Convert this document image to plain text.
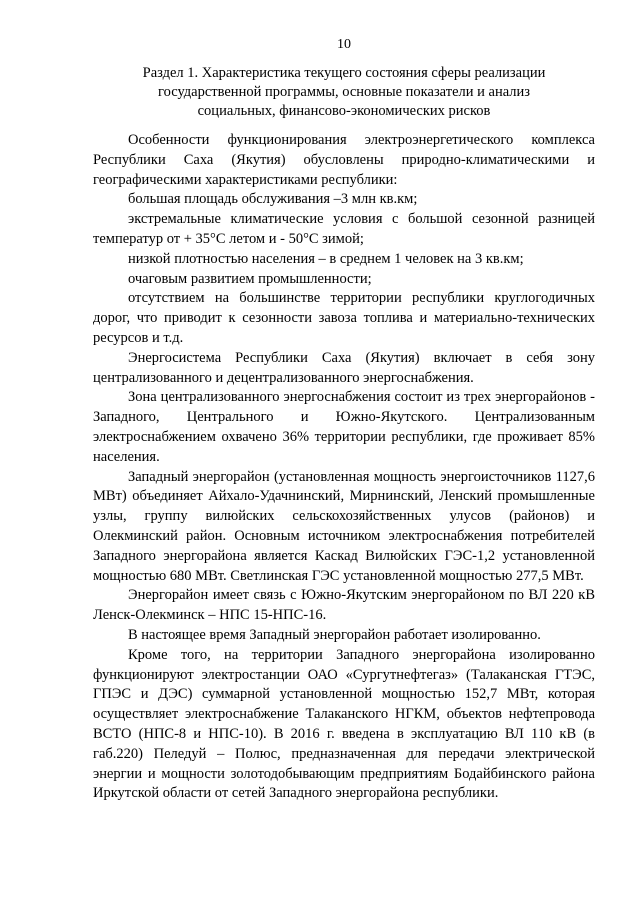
10
Раздел 1. Характеристика текущего состояния сферы реализации
государственной программы, основные показатели и анализ
социальных, финансово-экономических рисков

Особенности функционирования электроэнергетического комплекса Республики Саха (Якутия) обусловлены природно-климатическими и географическими характеристиками республики:

большая площадь обслуживания –3 млн кв.км;

экстремальные климатические условия с большой сезонной разницей температур от + 35°С летом и - 50°С зимой;

низкой плотностью населения – в среднем 1 человек на 3 кв.км;

очаговым развитием промышленности;

отсутствием на большинстве территории республики круглогодичных дорог, что приводит к сезонности завоза топлива и материально-технических ресурсов и т.д.

Энергосистема Республики Саха (Якутия) включает в себя зону централизованного и децентрализованного энергоснабжения.

Зона централизованного энергоснабжения состоит из трех энергорайонов - Западного, Центрального и Южно-Якутского. Централизованным электроснабжением охвачено 36% территории республики, где проживает 85% населения.

Западный энергорайон (установленная мощность энергоисточников 1127,6 МВт) объединяет Айхало-Удачнинский, Мирнинский, Ленский промышленные узлы, группу вилюйских сельскохозяйственных улусов (районов) и Олекминский район. Основным источником электроснабжения потребителей Западного энергорайона является Каскад Вилюйских ГЭС-1,2 установленной мощностью 680 МВт. Светлинская ГЭС установленной мощностью 277,5 МВт.

Энергорайон имеет связь с Южно-Якутским энергорайоном по ВЛ 220 кВ Ленск-Олекминск – НПС 15-НПС-16.

В настоящее время Западный энергорайон работает изолированно.

Кроме того, на территории Западного энергорайона изолированно функционируют электростанции ОАО «Сургутнефтегаз» (Талаканская ГТЭС, ГПЭС и ДЭС) суммарной установленной мощностью 152,7 МВт, которая осуществляет электроснабжение Талаканского НГКМ, объектов нефтепровода ВСТО (НПС-8 и НПС-10). В 2016 г. введена в эксплуатацию ВЛ 110 кВ (в габ.220) Пеледуй – Полюс, предназначенная для передачи электрической энергии и мощности золотодобывающим предприятиям Бодайбинского района Иркутской области от сетей Западного энергорайона республики.
